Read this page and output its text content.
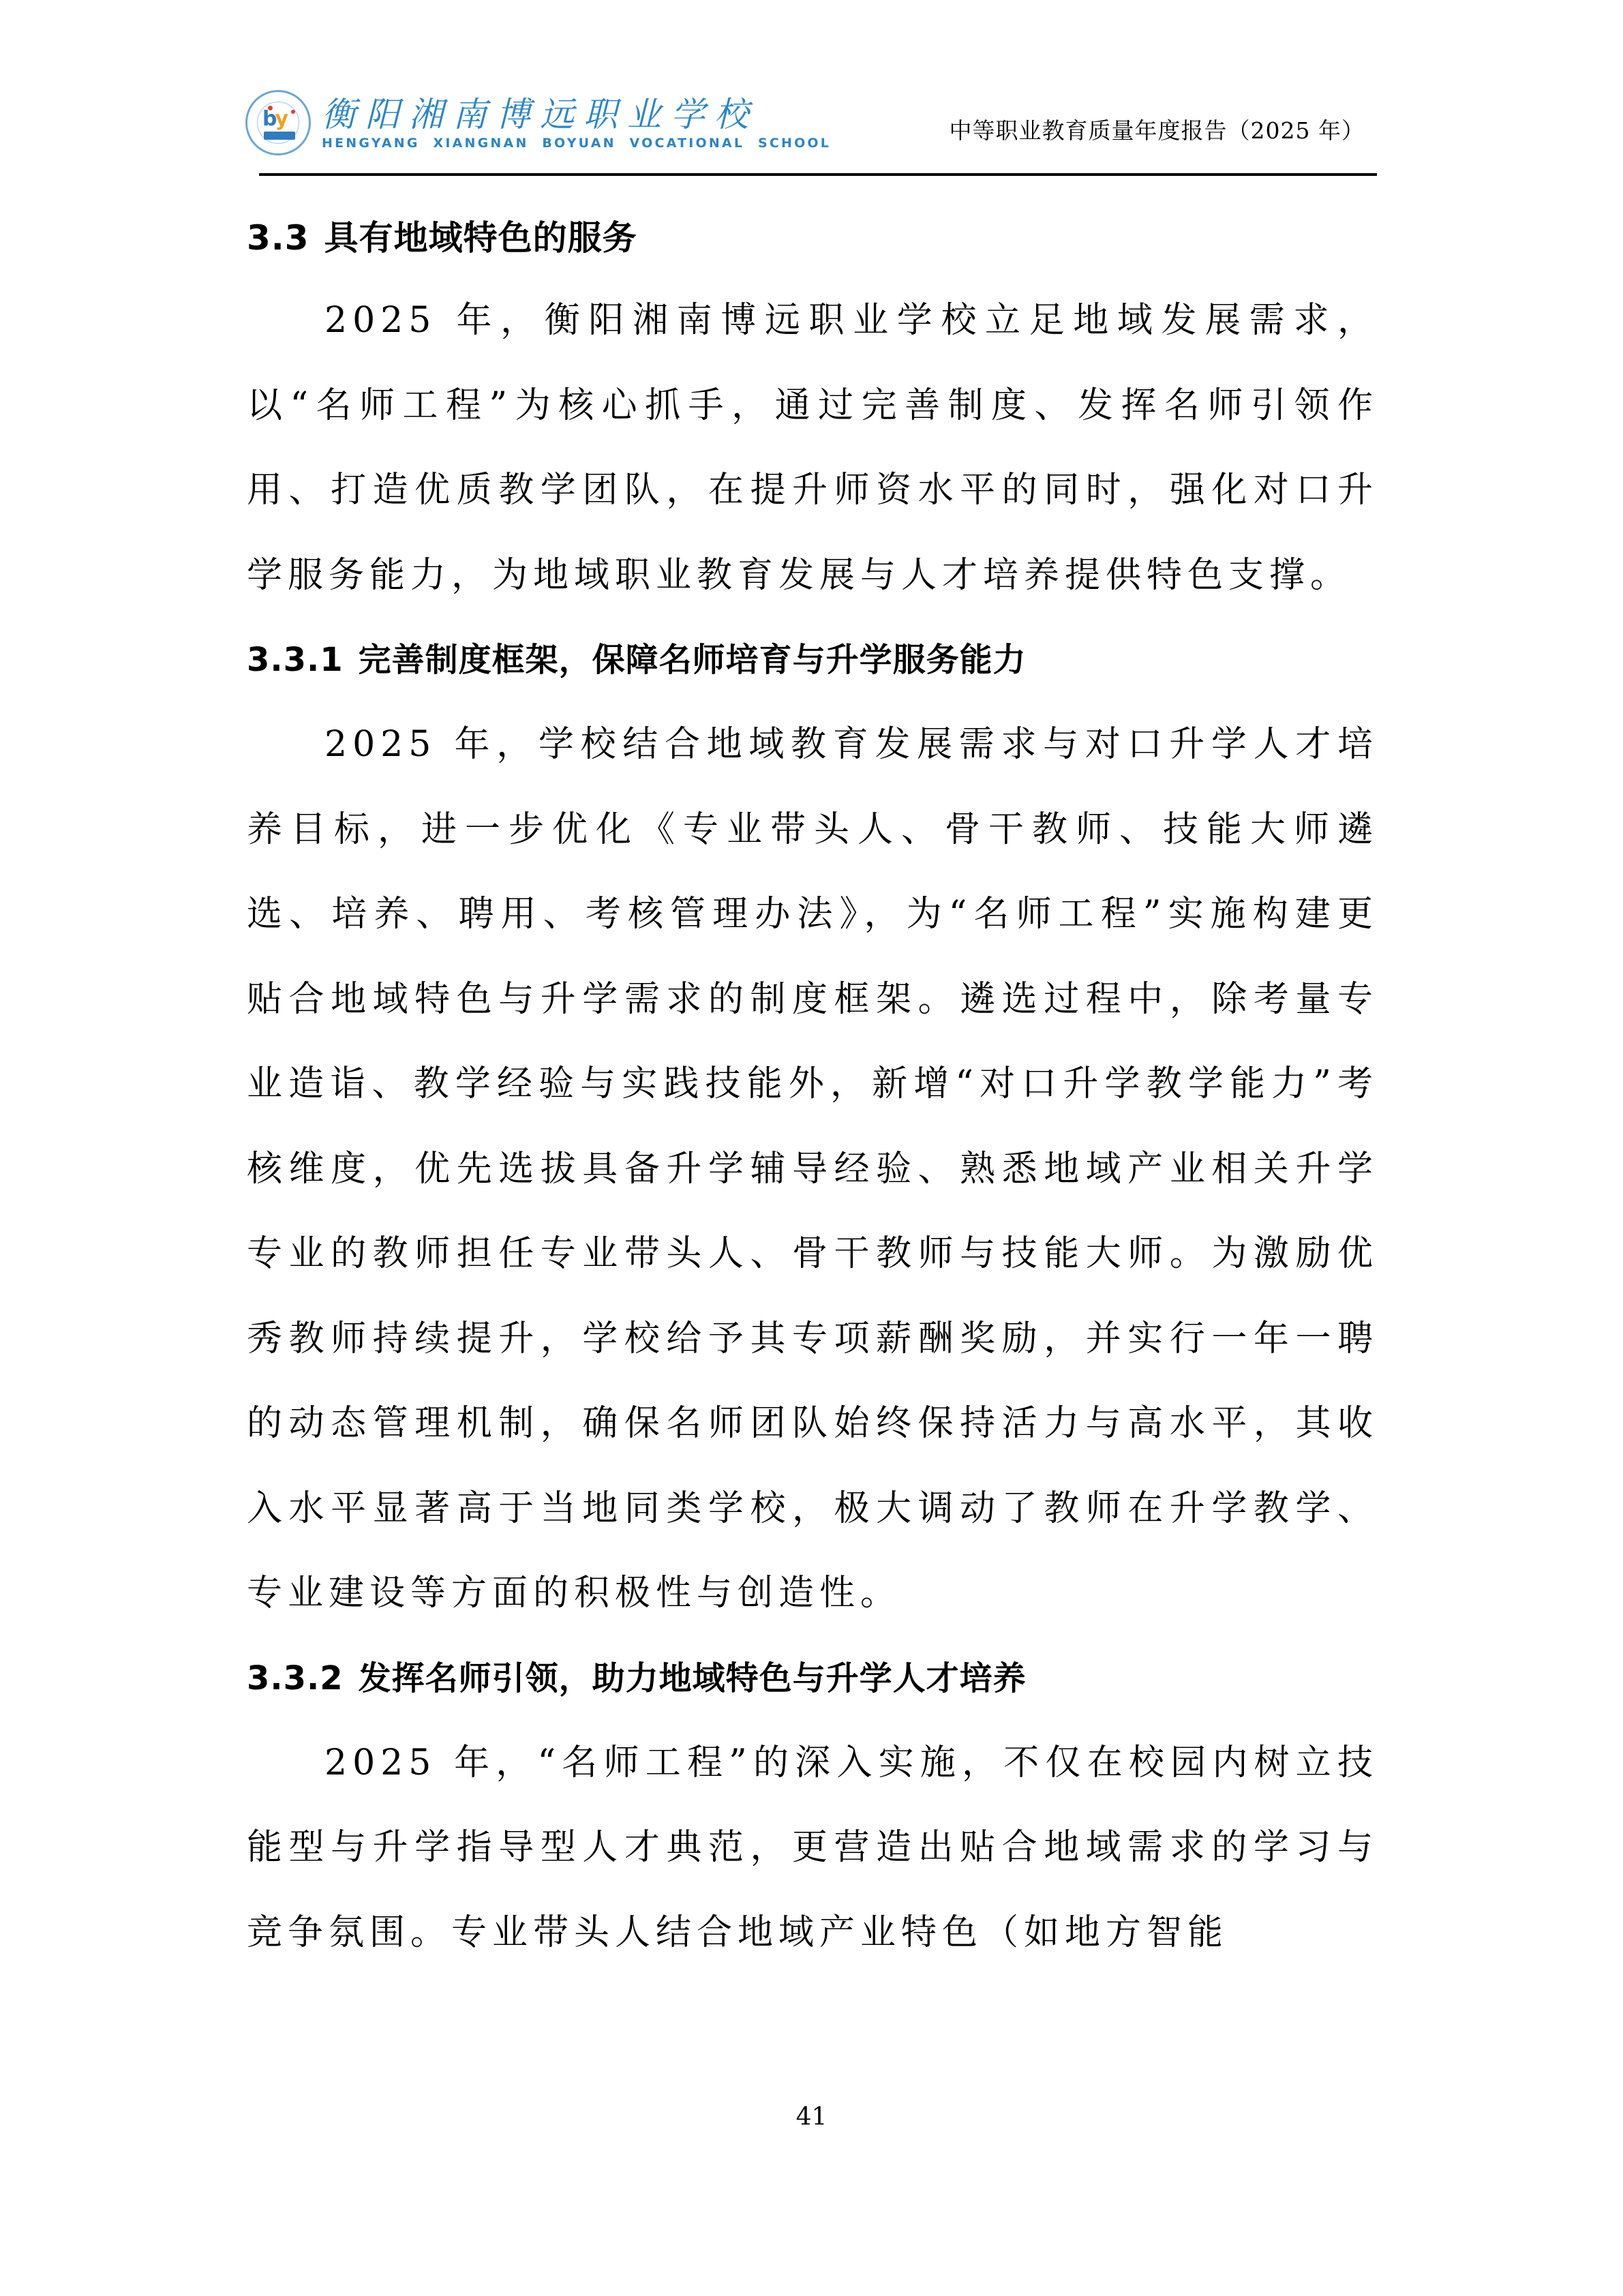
by 衡阳湘南博远职业学校
HENGYANG XIANGNAN BOYUAN VOCATIONAL SCHOOL	中等职业教育质量年度报告（2025 年）
3.3 具有地域特色的服务

2025 年，衡阳湘南博远职业学校立足地域发展需求，以“名师工程”为核心抓手，通过完善制度、发挥名师引领作用、打造优质教学团队，在提升师资水平的同时，强化对口升学服务能力，为地域职业教育发展与人才培养提供特色支撑。

3.3.1 完善制度框架，保障名师培育与升学服务能力

2025 年，学校结合地域教育发展需求与对口升学人才培养目标，进一步优化《专业带头人、骨干教师、技能大师遴选、培养、聘用、考核管理办法》，为“名师工程”实施构建更贴合地域特色与升学需求的制度框架。遴选过程中，除考量专业造诣、教学经验与实践技能外，新增“对口升学教学能力”考核维度，优先选拔具备升学辅导经验、熟悉地域产业相关升学专业的教师担任专业带头人、骨干教师与技能大师。为激励优秀教师持续提升，学校给予其专项薪酬奖励，并实行一年一聘的动态管理机制，确保名师团队始终保持活力与高水平，其收入水平显著高于当地同类学校，极大调动了教师在升学教学、专业建设等方面的积极性与创造性。

3.3.2 发挥名师引领，助力地域特色与升学人才培养

2025 年，“名师工程”的深入实施，不仅在校园内树立技能型与升学指导型人才典范，更营造出贴合地域需求的学习与竞争氛围。专业带头人结合地域产业特色（如地方智能

41
